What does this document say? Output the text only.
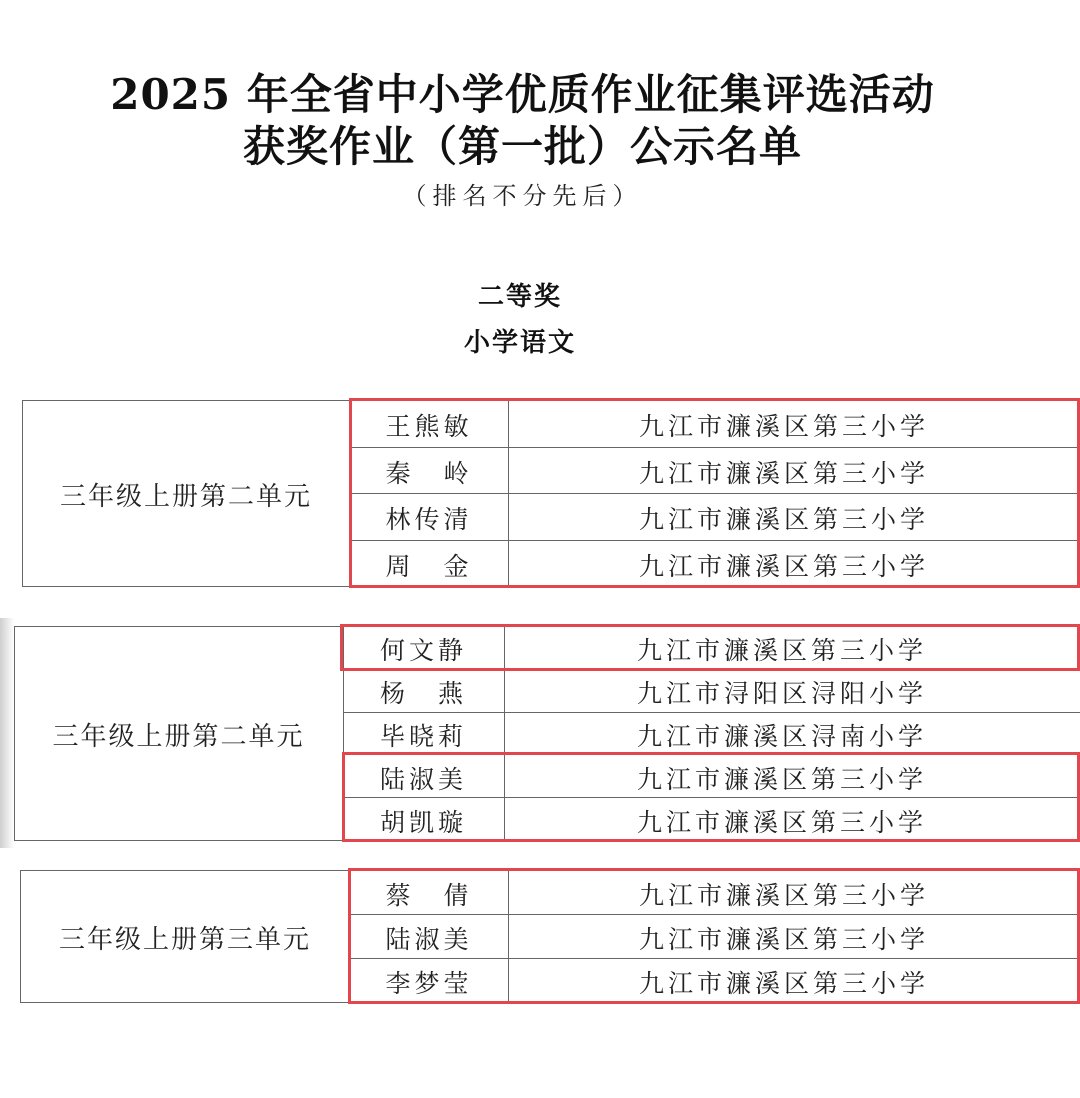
2025 年全省中小学优质作业征集评选活动
获奖作业（第一批）公示名单
（排名不分先后）
二等奖
小学语文
三年级上册第二单元
王熊敏	九江市濂溪区第三小学
秦　岭	九江市濂溪区第三小学
林传清	九江市濂溪区第三小学
周　金	九江市濂溪区第三小学
三年级上册第二单元
何文静	九江市濂溪区第三小学
杨　燕	九江市浔阳区浔阳小学
毕晓莉	九江市濂溪区浔南小学
陆淑美	九江市濂溪区第三小学
胡凯璇	九江市濂溪区第三小学
三年级上册第三单元
蔡　倩	九江市濂溪区第三小学
陆淑美	九江市濂溪区第三小学
李梦莹	九江市濂溪区第三小学
